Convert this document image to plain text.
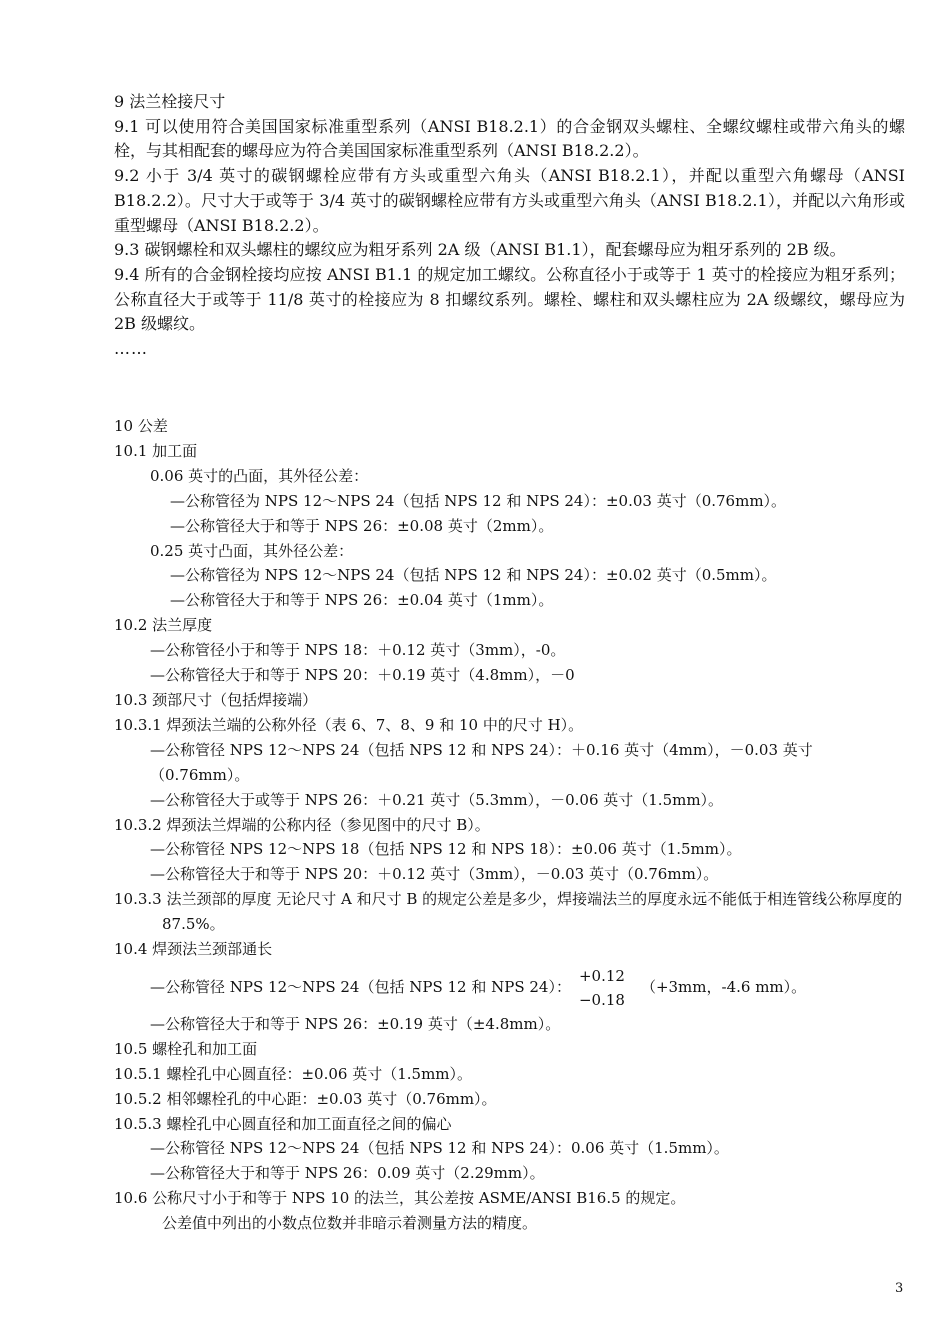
9 法兰栓接尺寸

9.1 可以使用符合美国国家标准重型系列（ANSI B18.2.1）的合金钢双头螺柱、全螺纹螺柱或带六角头的螺栓，与其相配套的螺母应为符合美国国家标准重型系列（ANSI B18.2.2）。

9.2 小于 3/4 英寸的碳钢螺栓应带有方头或重型六角头（ANSI B18.2.1），并配以重型六角螺母（ANSI B18.2.2）。尺寸大于或等于 3/4 英寸的碳钢螺栓应带有方头或重型六角头（ANSI B18.2.1），并配以六角形或重型螺母（ANSI B18.2.2）。

9.3 碳钢螺栓和双头螺柱的螺纹应为粗牙系列 2A 级（ANSI B1.1），配套螺母应为粗牙系列的 2B 级。

9.4 所有的合金钢栓接均应按 ANSI B1.1 的规定加工螺纹。公称直径小于或等于 1 英寸的栓接应为粗牙系列；公称直径大于或等于 11/8 英寸的栓接应为 8 扣螺纹系列。螺栓、螺柱和双头螺柱应为 2A 级螺纹，螺母应为 2B 级螺纹。

……

10 公差

10.1 加工面

0.06 英寸的凸面，其外径公差：

—公称管径为 NPS 12～NPS 24（包括 NPS 12 和 NPS 24）：±0.03 英寸（0.76mm）。

—公称管径大于和等于 NPS 26：±0.08 英寸（2mm）。

0.25 英寸凸面，其外径公差：

—公称管径为 NPS 12～NPS 24（包括 NPS 12 和 NPS 24）：±0.02 英寸（0.5mm）。

—公称管径大于和等于 NPS 26：±0.04 英寸（1mm）。

10.2 法兰厚度

—公称管径小于和等于 NPS 18：＋0.12 英寸（3mm），-0。

—公称管径大于和等于 NPS 20：＋0.19 英寸（4.8mm），－0

10.3 颈部尺寸（包括焊接端）

10.3.1 焊颈法兰端的公称外径（表 6、7、8、9 和 10 中的尺寸 H）。

—公称管径 NPS 12～NPS 24（包括 NPS 12 和 NPS 24）：＋0.16 英寸（4mm），－0.03 英寸（0.76mm）。

—公称管径大于或等于 NPS 26：＋0.21 英寸（5.3mm），－0.06 英寸（1.5mm）。

10.3.2 焊颈法兰焊端的公称内径（参见图中的尺寸 B）。

—公称管径 NPS 12～NPS 18（包括 NPS 12 和 NPS 18）：±0.06 英寸（1.5mm）。

—公称管径大于和等于 NPS 20：＋0.12 英寸（3mm），－0.03 英寸（0.76mm）。

10.3.3 法兰颈部的厚度 无论尺寸 A 和尺寸 B 的规定公差是多少，焊接端法兰的厚度永远不能低于相连管线公称厚度的 87.5%。

10.4 焊颈法兰颈部通长

—公称管径 NPS 12～NPS 24（包括 NPS 12 和 NPS 24）：
+0.12
−0.18
（+3mm，-4.6 mm）。

—公称管径大于和等于 NPS 26：±0.19 英寸（±4.8mm）。

10.5 螺栓孔和加工面

10.5.1 螺栓孔中心圆直径：±0.06 英寸（1.5mm）。

10.5.2 相邻螺栓孔的中心距：±0.03 英寸（0.76mm）。

10.5.3 螺栓孔中心圆直径和加工面直径之间的偏心

—公称管径 NPS 12～NPS 24（包括 NPS 12 和 NPS 24）：0.06 英寸（1.5mm）。

—公称管径大于和等于 NPS 26：0.09 英寸（2.29mm）。

10.6 公称尺寸小于和等于 NPS 10 的法兰，其公差按 ASME/ANSI B16.5 的规定。

公差值中列出的小数点位数并非暗示着测量方法的精度。

3
